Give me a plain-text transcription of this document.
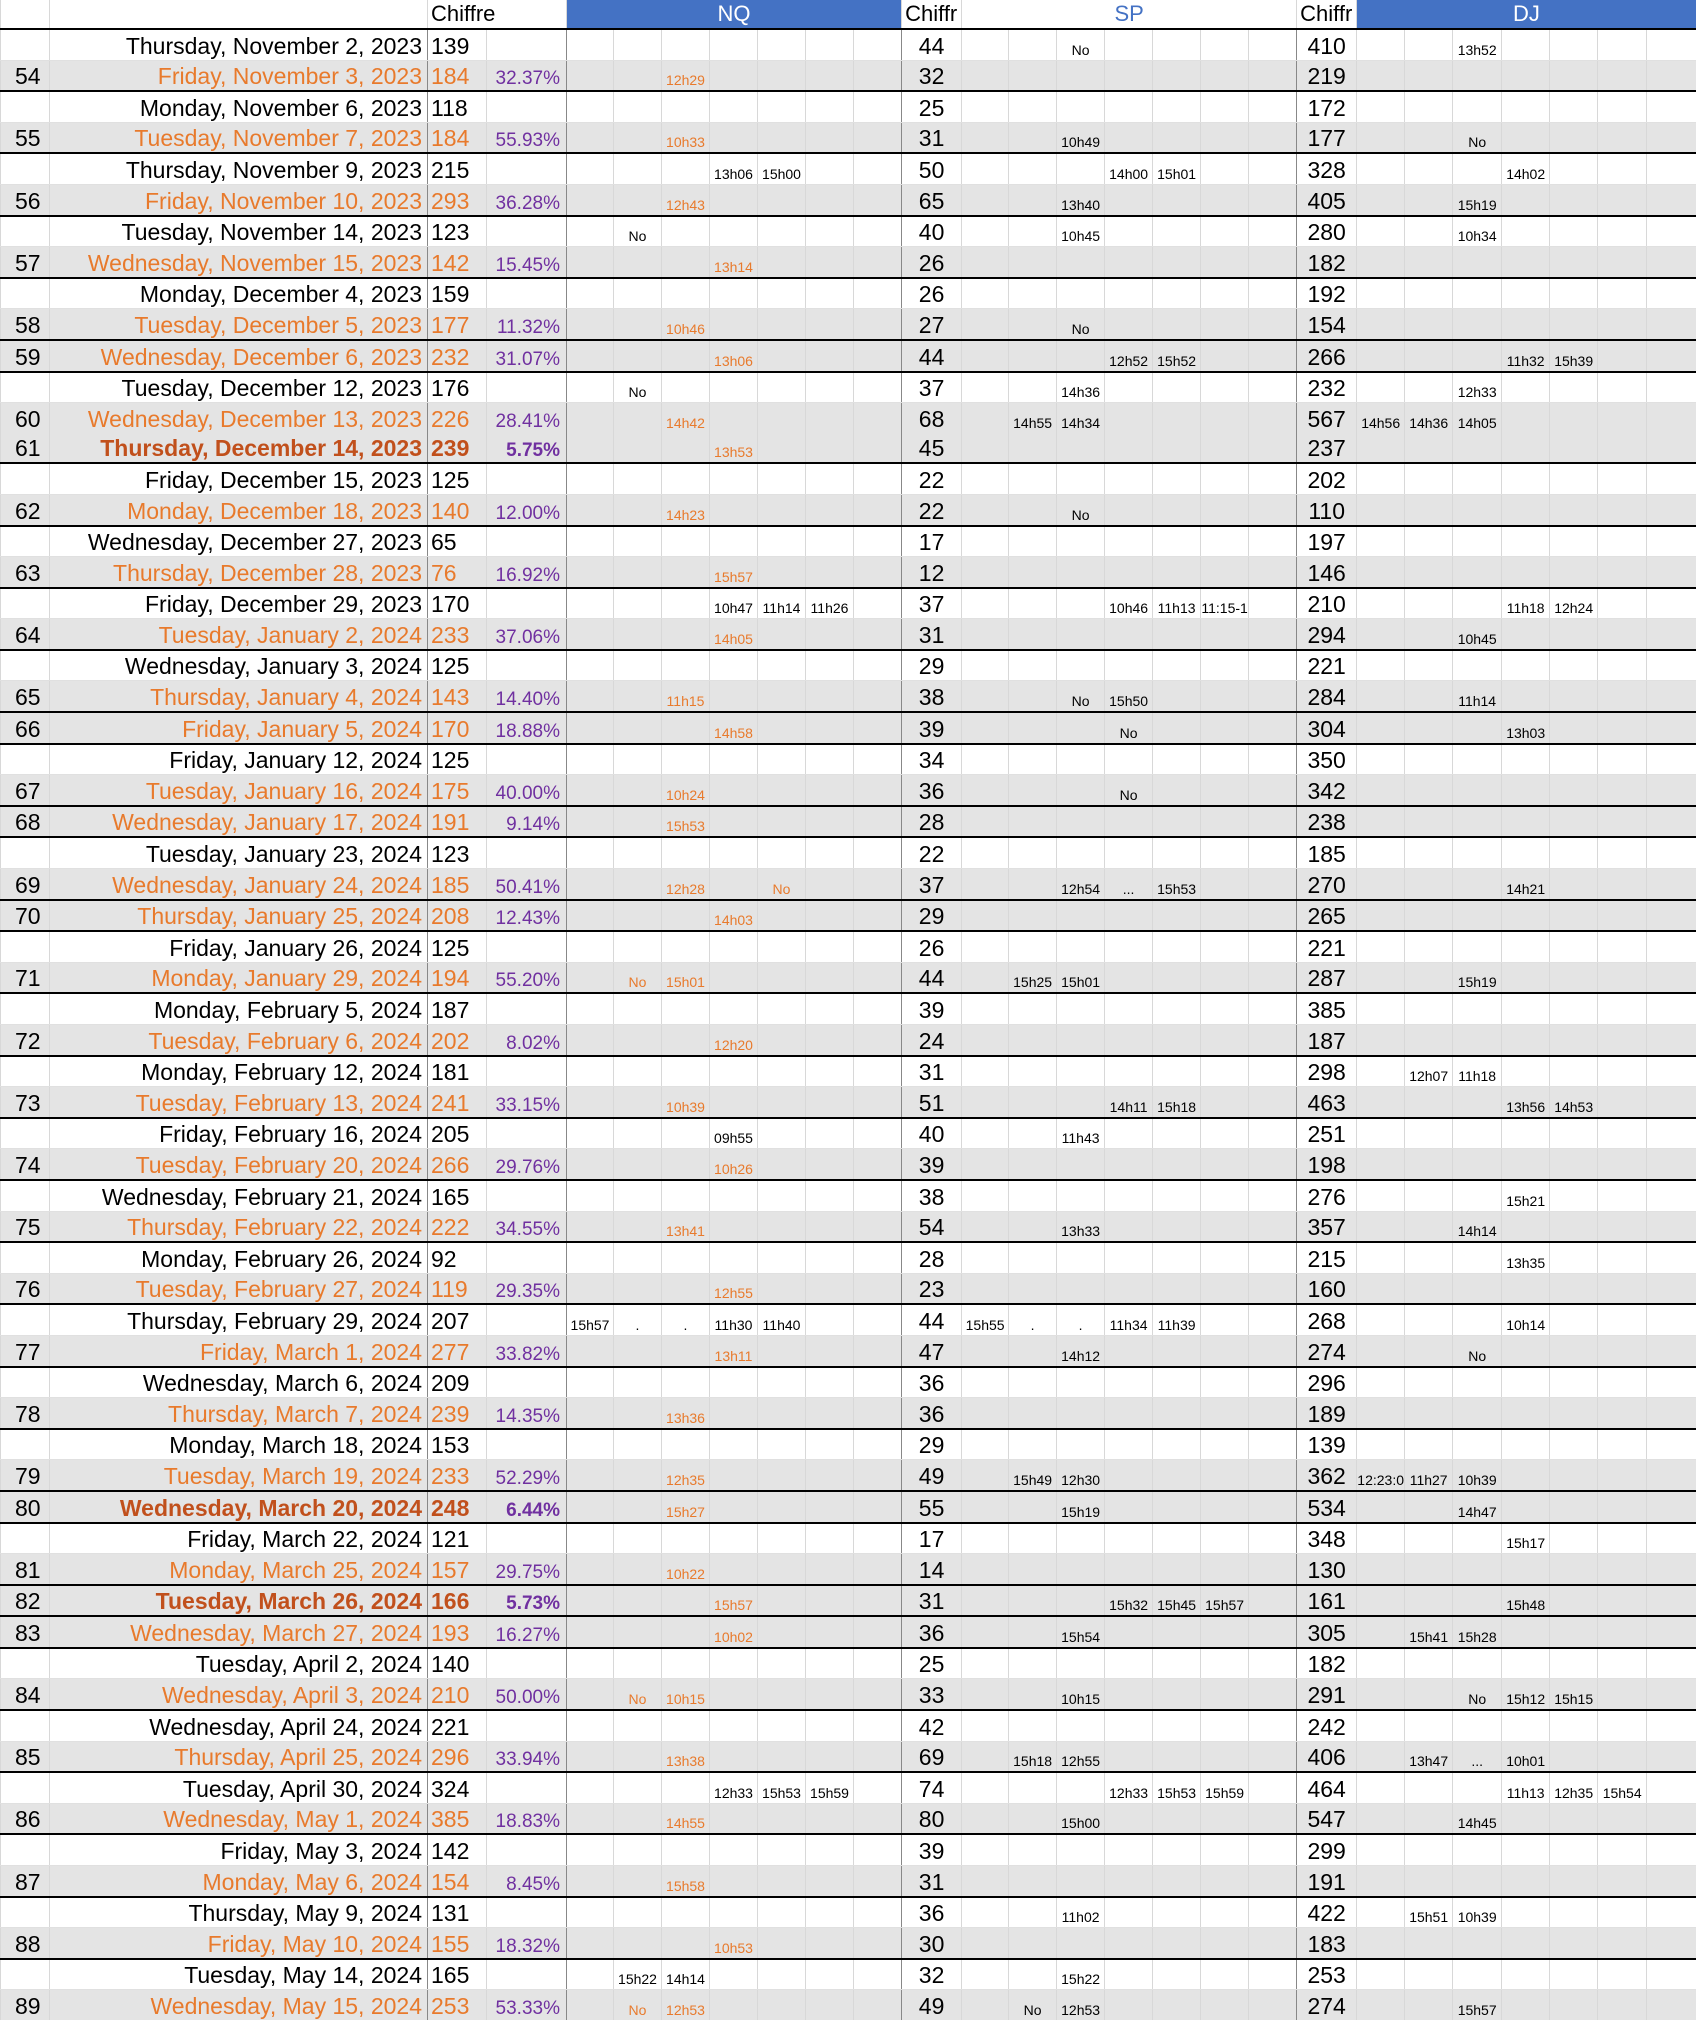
		Chiffre		NQ							Chiffr	SP							Chiffr	DJ						
	Thursday, November 2, 2023	139									44			No					410			13h52				
54	Friday, November 3, 2023	184	32.37%			12h29					32								219							
	Monday, November 6, 2023	118									25								172							
55	Tuesday, November 7, 2023	184	55.93%			10h33					31			10h49					177			No				
	Thursday, November 9, 2023	215					13h06	15h00			50				14h00	15h01			328				14h02			
56	Friday, November 10, 2023	293	36.28%			12h43					65			13h40					405			15h19				
	Tuesday, November 14, 2023	123			No						40			10h45					280			10h34				
57	Wednesday, November 15, 2023	142	15.45%				13h14				26								182							
	Monday, December 4, 2023	159									26								192							
58	Tuesday, December 5, 2023	177	11.32%			10h46					27			No					154							
59	Wednesday, December 6, 2023	232	31.07%				13h06				44				12h52	15h52			266				11h32	15h39		
	Tuesday, December 12, 2023	176			No						37			14h36					232			12h33				
60	Wednesday, December 13, 2023	226	28.41%			14h42					68		14h55	14h34					567	14h56	14h36	14h05				
61	Thursday, December 14, 2023	239	5.75%				13h53				45								237							
	Friday, December 15, 2023	125									22								202							
62	Monday, December 18, 2023	140	12.00%			14h23					22			No					110							
	Wednesday, December 27, 2023	65									17								197							
63	Thursday, December 28, 2023	76	16.92%				15h57				12								146							
	Friday, December 29, 2023	170					10h47	11h14	11h26		37				10h46	11h13	11:15-1		210				11h18	12h24		
64	Tuesday, January 2, 2024	233	37.06%				14h05				31								294			10h45				
	Wednesday, January 3, 2024	125									29								221							
65	Thursday, January 4, 2024	143	14.40%			11h15					38			No	15h50				284			11h14				
66	Friday, January 5, 2024	170	18.88%				14h58				39				No				304				13h03			
	Friday, January 12, 2024	125									34								350							
67	Tuesday, January 16, 2024	175	40.00%			10h24					36				No				342							
68	Wednesday, January 17, 2024	191	9.14%			15h53					28								238							
	Tuesday, January 23, 2024	123									22								185							
69	Wednesday, January 24, 2024	185	50.41%			12h28		No			37			12h54	...	15h53			270				14h21			
70	Thursday, January 25, 2024	208	12.43%				14h03				29								265							
	Friday, January 26, 2024	125									26								221							
71	Monday, January 29, 2024	194	55.20%		No	15h01					44		15h25	15h01					287			15h19				
	Monday, February 5, 2024	187									39								385							
72	Tuesday, February 6, 2024	202	8.02%				12h20				24								187							
	Monday, February 12, 2024	181									31								298		12h07	11h18				
73	Tuesday, February 13, 2024	241	33.15%			10h39					51				14h11	15h18			463				13h56	14h53		
	Friday, February 16, 2024	205					09h55				40			11h43					251							
74	Tuesday, February 20, 2024	266	29.76%				10h26				39								198							
	Wednesday, February 21, 2024	165									38								276				15h21			
75	Thursday, February 22, 2024	222	34.55%			13h41					54			13h33					357			14h14				
	Monday, February 26, 2024	92									28								215				13h35			
76	Tuesday, February 27, 2024	119	29.35%				12h55				23								160							
	Thursday, February 29, 2024	207		15h57	.	.	11h30	11h40			44	15h55	.	.	11h34	11h39			268				10h14			
77	Friday, March 1, 2024	277	33.82%				13h11				47			14h12					274			No				
	Wednesday, March 6, 2024	209									36								296							
78	Thursday, March 7, 2024	239	14.35%			13h36					36								189							
	Monday, March 18, 2024	153									29								139							
79	Tuesday, March 19, 2024	233	52.29%			12h35					49		15h49	12h30					362	12:23:0	11h27	10h39				
80	Wednesday, March 20, 2024	248	6.44%			15h27					55			15h19					534			14h47				
	Friday, March 22, 2024	121									17								348				15h17			
81	Monday, March 25, 2024	157	29.75%			10h22					14								130							
82	Tuesday, March 26, 2024	166	5.73%				15h57				31				15h32	15h45	15h57		161				15h48			
83	Wednesday, March 27, 2024	193	16.27%				10h02				36			15h54					305		15h41	15h28				
	Tuesday, April 2, 2024	140									25								182							
84	Wednesday, April 3, 2024	210	50.00%		No	10h15					33			10h15					291			No	15h12	15h15		
	Wednesday, April 24, 2024	221									42								242							
85	Thursday, April 25, 2024	296	33.94%			13h38					69		15h18	12h55					406		13h47	...	10h01			
	Tuesday, April 30, 2024	324					12h33	15h53	15h59		74				12h33	15h53	15h59		464				11h13	12h35	15h54	
86	Wednesday, May 1, 2024	385	18.83%			14h55					80			15h00					547			14h45				
	Friday, May 3, 2024	142									39								299							
87	Monday, May 6, 2024	154	8.45%			15h58					31								191							
	Thursday, May 9, 2024	131									36			11h02					422		15h51	10h39				
88	Friday, May 10, 2024	155	18.32%				10h53				30								183							
	Tuesday, May 14, 2024	165			15h22	14h14					32			15h22					253							
89	Wednesday, May 15, 2024	253	53.33%		No	12h53					49		No	12h53					274			15h57				
